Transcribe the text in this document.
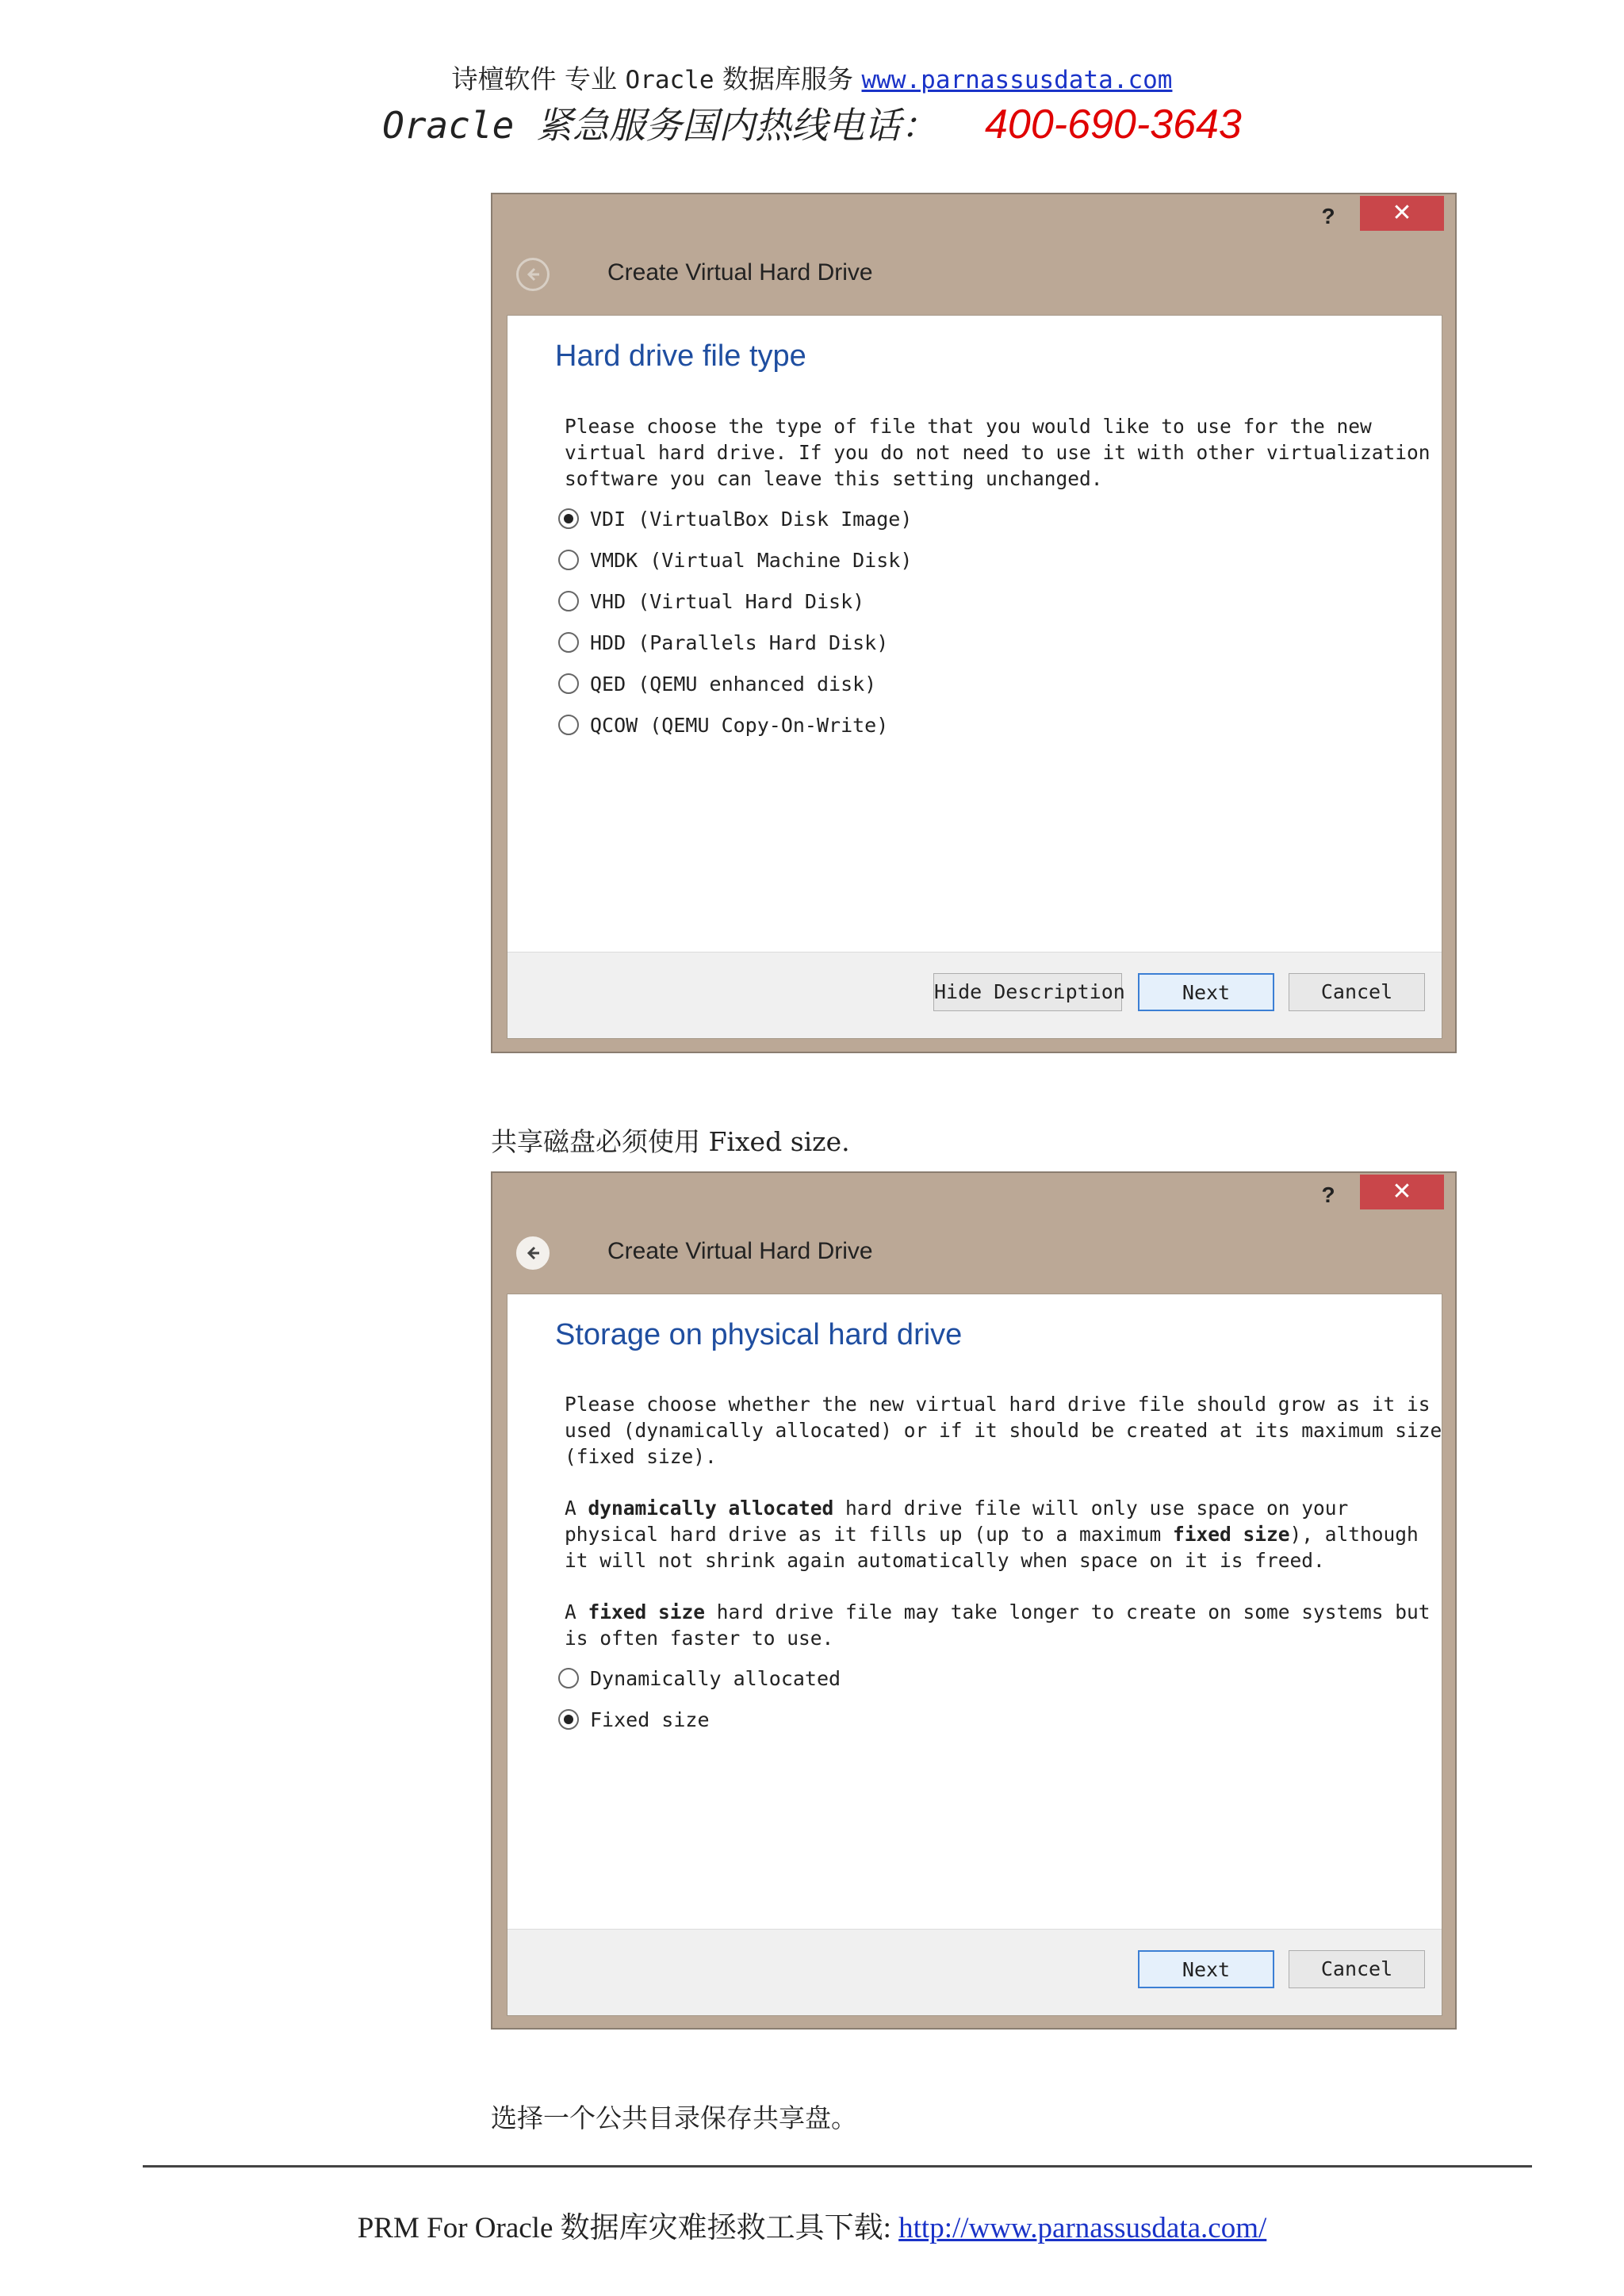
诗檀软件 专业 Oracle 数据库服务 www.parnassusdata.com
Oracle 紧急服务国内热线电话： 400-690-3643
?	✕
Create Virtual Hard Drive
Hard drive file type
Please choose the type of file that you would like to use for the new
virtual hard drive. If you do not need to use it with other virtualization
software you can leave this setting unchanged.
VDI (VirtualBox Disk Image)
VMDK (Virtual Machine Disk)
VHD (Virtual Hard Disk)
HDD (Parallels Hard Disk)
QED (QEMU enhanced disk)
QCOW (QEMU Copy-On-Write)
Hide Description	Next	Cancel
共享磁盘必须使用 Fixed size.
?	✕
Create Virtual Hard Drive
Storage on physical hard drive
Please choose whether the new virtual hard drive file should grow as it is
used (dynamically allocated) or if it should be created at its maximum size
(fixed size).
A dynamically allocated hard drive file will only use space on your
physical hard drive as it fills up (up to a maximum fixed size), although
it will not shrink again automatically when space on it is freed.
A fixed size hard drive file may take longer to create on some systems but
is often faster to use.
Dynamically allocated
Fixed size
Next	Cancel
选择一个公共目录保存共享盘。
PRM For Oracle 数据库灾难拯救工具下载: http://www.parnassusdata.com/
